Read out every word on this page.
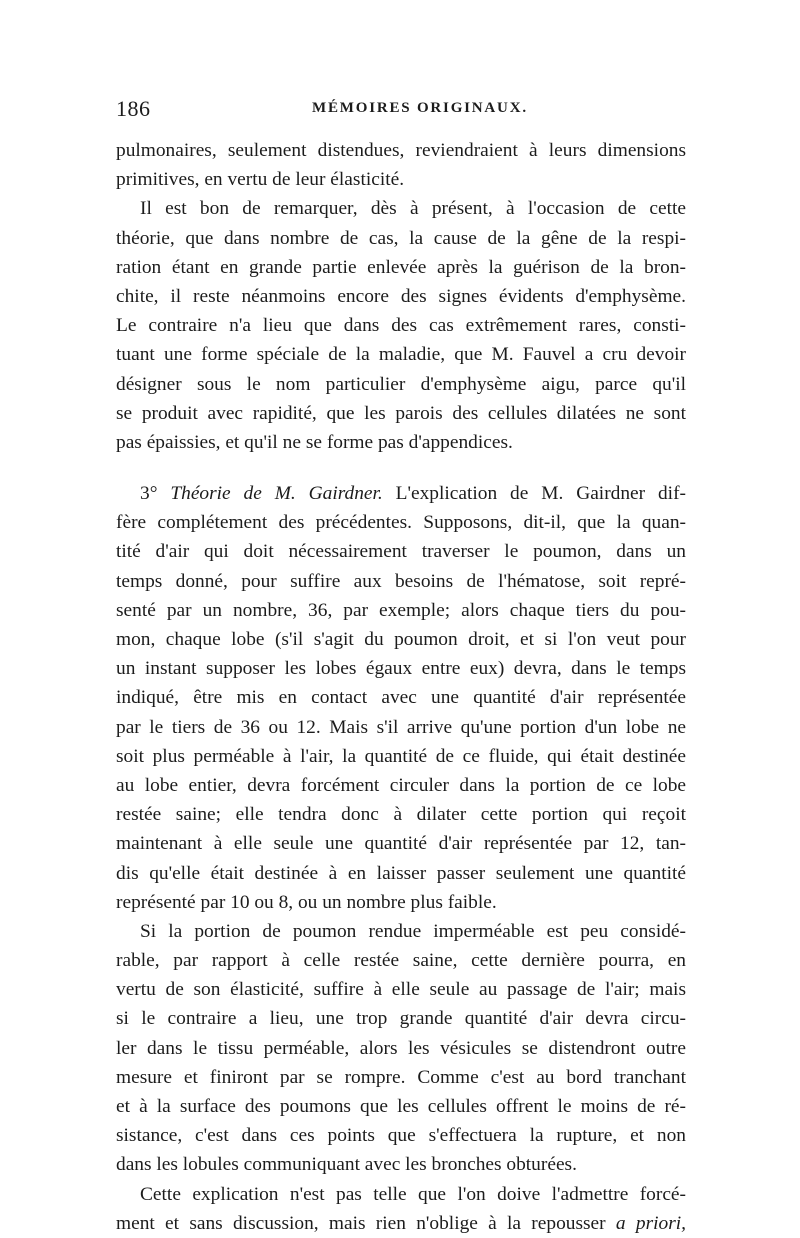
186	MÉMOIRES ORIGINAUX.
pulmonaires, seulement distendues, reviendraient à leurs dimensions
primitives, en vertu de leur élasticité.
Il est bon de remarquer, dès à présent, à l'occasion de cette
théorie, que dans nombre de cas, la cause de la gêne de la respi-
ration étant en grande partie enlevée après la guérison de la bron-
chite, il reste néanmoins encore des signes évidents d'emphysème.
Le contraire n'a lieu que dans des cas extrêmement rares, consti-
tuant une forme spéciale de la maladie, que M. Fauvel a cru devoir
désigner sous le nom particulier d'emphysème aigu, parce qu'il
se produit avec rapidité, que les parois des cellules dilatées ne sont
pas épaissies, et qu'il ne se forme pas d'appendices.
3° Théorie de M. Gairdner. L'explication de M. Gairdner dif-
fère complétement des précédentes. Supposons, dit-il, que la quan-
tité d'air qui doit nécessairement traverser le poumon, dans un
temps donné, pour suffire aux besoins de l'hématose, soit repré-
senté par un nombre, 36, par exemple; alors chaque tiers du pou-
mon, chaque lobe (s'il s'agit du poumon droit, et si l'on veut pour
un instant supposer les lobes égaux entre eux) devra, dans le temps
indiqué, être mis en contact avec une quantité d'air représentée
par le tiers de 36 ou 12. Mais s'il arrive qu'une portion d'un lobe ne
soit plus perméable à l'air, la quantité de ce fluide, qui était destinée
au lobe entier, devra forcément circuler dans la portion de ce lobe
restée saine; elle tendra donc à dilater cette portion qui reçoit
maintenant à elle seule une quantité d'air représentée par 12, tan-
dis qu'elle était destinée à en laisser passer seulement une quantité
représenté par 10 ou 8, ou un nombre plus faible.
Si la portion de poumon rendue imperméable est peu considé-
rable, par rapport à celle restée saine, cette dernière pourra, en
vertu de son élasticité, suffire à elle seule au passage de l'air; mais
si le contraire a lieu, une trop grande quantité d'air devra circu-
ler dans le tissu perméable, alors les vésicules se distendront outre
mesure et finiront par se rompre. Comme c'est au bord tranchant
et à la surface des poumons que les cellules offrent le moins de ré-
sistance, c'est dans ces points que s'effectuera la rupture, et non
dans les lobules communiquant avec les bronches obturées.
Cette explication n'est pas telle que l'on doive l'admettre forcé-
ment et sans discussion, mais rien n'oblige à la repousser a priori,
